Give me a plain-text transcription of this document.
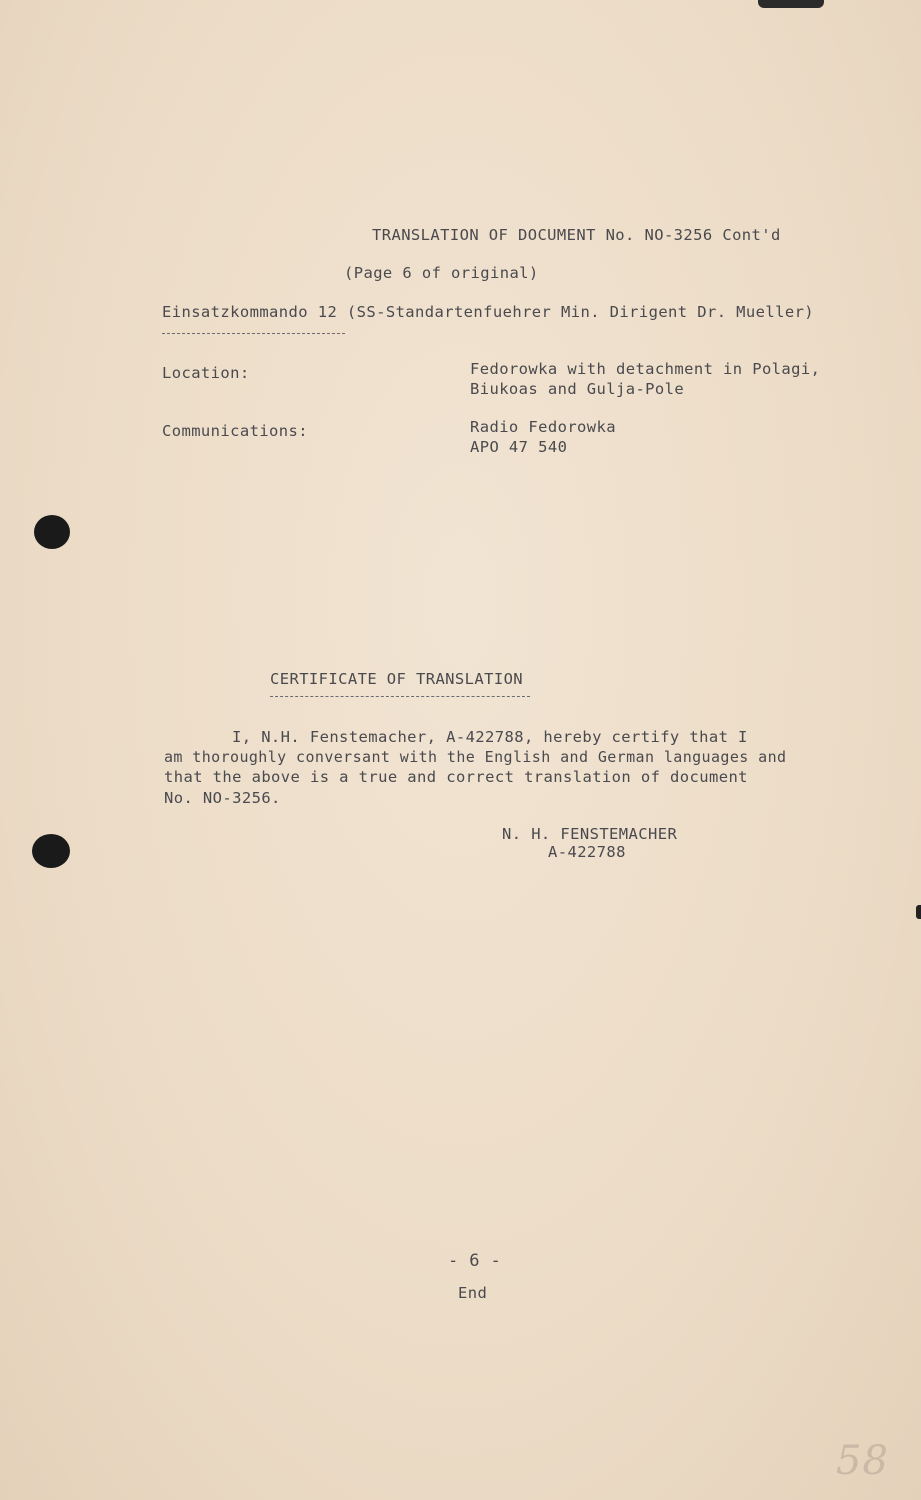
TRANSLATION OF DOCUMENT No. NO-3256 Cont'd
(Page 6 of original)
Einsatzkommando 12 (SS-Standartenfuehrer Min. Dirigent Dr. Mueller)
Location:	Fedorowka with detachment in Polagi,
Biukoas and Gulja-Pole
Communications:	Radio Fedorowka
APO 47 540
CERTIFICATE OF TRANSLATION
I, N.H. Fenstemacher, A-422788, hereby certify that I
am thoroughly conversant with the English and German languages and
that the above is a true and correct translation of document
No. NO-3256.
N. H. FENSTEMACHER
A-422788
- 6 -
End
58
